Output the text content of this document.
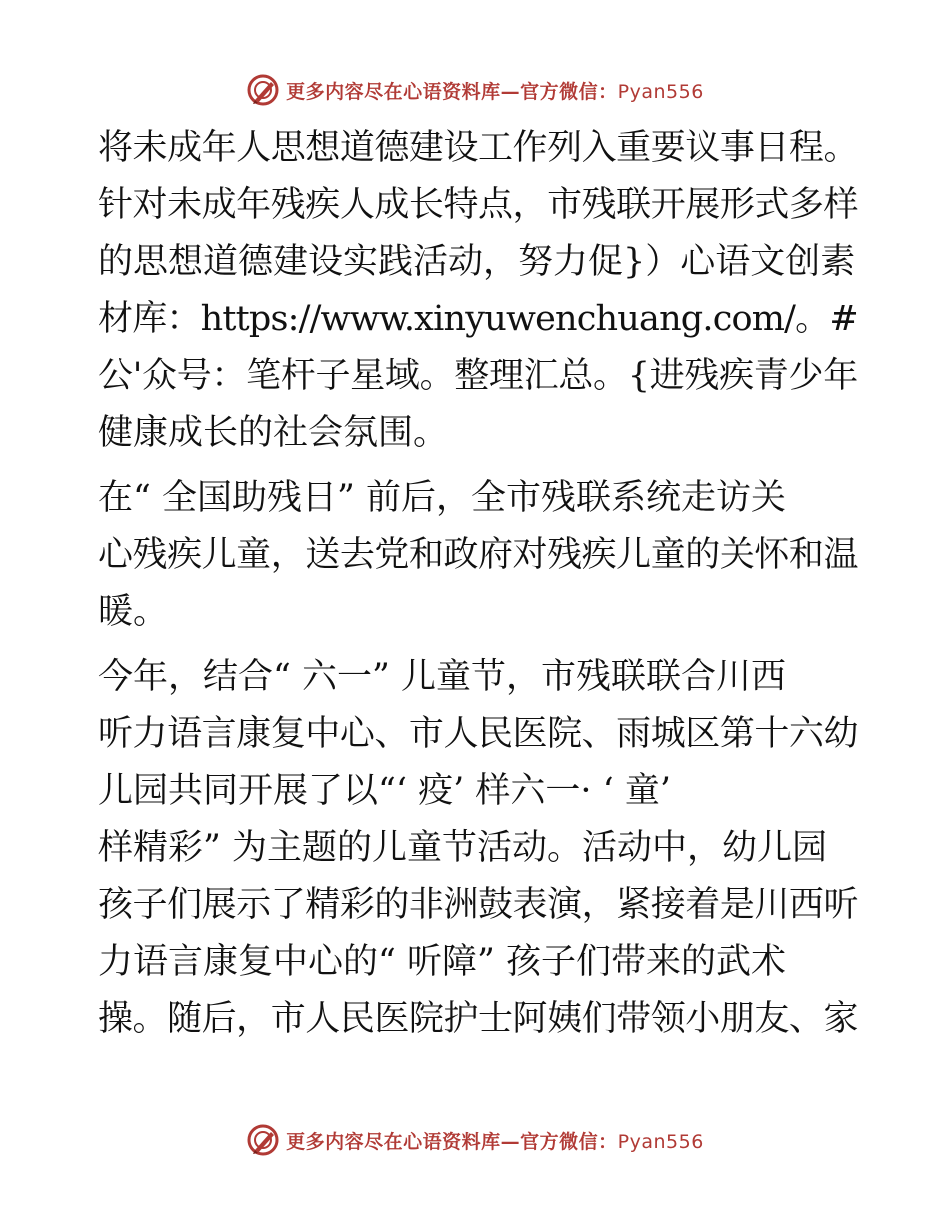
更多内容尽在心语资料库—官方微信：Pyan556

将未成年人思想道德建设工作列入重要议事日程。
针对未成年残疾人成长特点，市残联开展形式多样
的思想道德建设实践活动，努力促}）心语文创素
材库：https://www.xinyuwenchuang.com/。#
公'众号：笔杆子星域。整理汇总。{进残疾青少年
健康成长的社会氛围。

在“ 全国助残日” 前后，全市残联系统走访关
心残疾儿童，送去党和政府对残疾儿童的关怀和温
暖。

今年，结合“ 六一” 儿童节，市残联联合川西
听力语言康复中心、市人民医院、雨城区第十六幼
儿园共同开展了以“‘ 疫’ 样六一· ‘ 童’
样精彩” 为主题的儿童节活动。活动中，幼儿园
孩子们展示了精彩的非洲鼓表演，紧接着是川西听
力语言康复中心的“ 听障” 孩子们带来的武术
操。随后，市人民医院护士阿姨们带领小朋友、家

更多内容尽在心语资料库—官方微信：Pyan556
